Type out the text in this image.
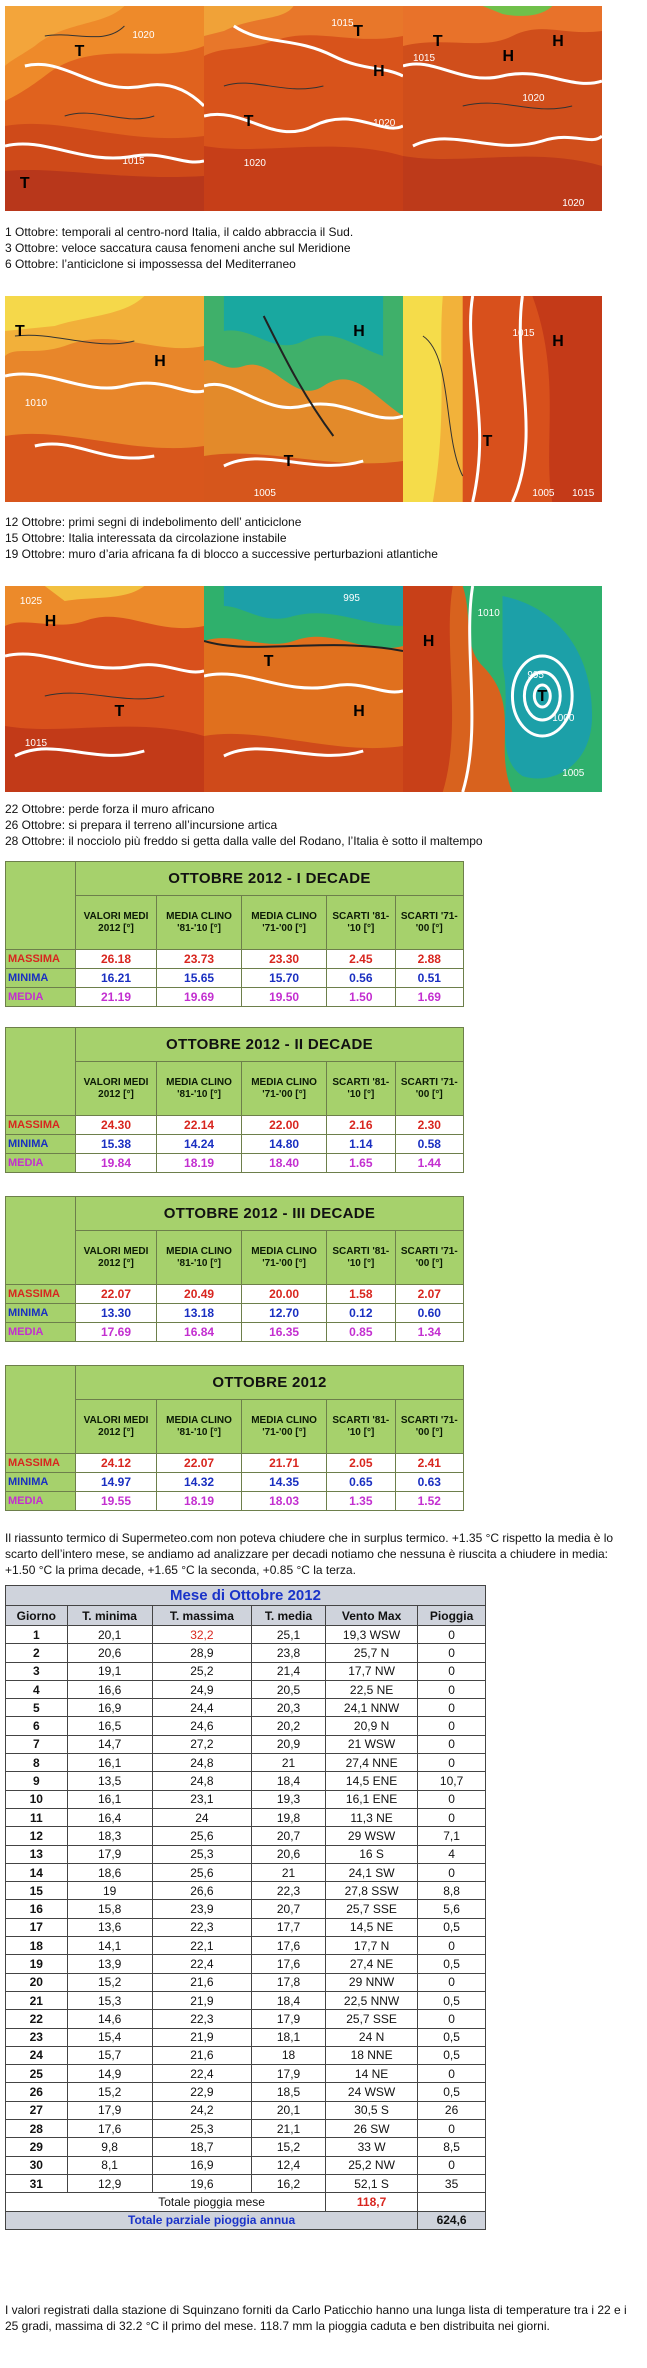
1020
1015
T
T
1015
1020
1020
T
T
H
1015
1020
1020
T
H
H
1 Ottobre: temporali al centro-nord Italia, il caldo abbraccia il Sud.
3 Ottobre: veloce saccatura causa fenomeni anche sul Meridione
6 Ottobre: l’anticiclone si impossessa del Mediterraneo
1010
T
H
1005
H
T
1015
1005 1015
H
T
12 Ottobre: primi segni di indebolimento dell’ anticiclone
15 Ottobre: Italia interessata da circolazione instabile
19 Ottobre: muro d’aria africana fa di blocco a successive perturbazioni atlantiche
1025
1015
H
T
995
T
H
995
1000
1005
1010
T
H
22 Ottobre: perde forza il muro africano
26 Ottobre: si prepara il terreno all’incursione artica
28 Ottobre: il nocciolo più freddo si getta dalla valle del Rodano, l’Italia è sotto il maltempo
	OTTOBRE 2012 - I DECADE				
	VALORI MEDI 2012 [°]	MEDIA CLINO '81-'10 [°]	MEDIA CLINO '71-'00 [°]	SCARTI '81-'10 [°]	SCARTI '71-'00 [°]
MASSIMA	26.18	23.73	23.30	2.45	2.88
MINIMA	16.21	15.65	15.70	0.56	0.51
MEDIA	21.19	19.69	19.50	1.50	1.69
	OTTOBRE 2012 - II DECADE				
	VALORI MEDI 2012 [°]	MEDIA CLINO '81-'10 [°]	MEDIA CLINO '71-'00 [°]	SCARTI '81-'10 [°]	SCARTI '71-'00 [°]
MASSIMA	24.30	22.14	22.00	2.16	2.30
MINIMA	15.38	14.24	14.80	1.14	0.58
MEDIA	19.84	18.19	18.40	1.65	1.44
	OTTOBRE 2012 - III DECADE				
	VALORI MEDI 2012 [°]	MEDIA CLINO '81-'10 [°]	MEDIA CLINO '71-'00 [°]	SCARTI '81-'10 [°]	SCARTI '71-'00 [°]
MASSIMA	22.07	20.49	20.00	1.58	2.07
MINIMA	13.30	13.18	12.70	0.12	0.60
MEDIA	17.69	16.84	16.35	0.85	1.34
	OTTOBRE 2012				
	VALORI MEDI 2012 [°]	MEDIA CLINO '81-'10 [°]	MEDIA CLINO '71-'00 [°]	SCARTI '81-'10 [°]	SCARTI '71-'00 [°]
MASSIMA	24.12	22.07	21.71	2.05	2.41
MINIMA	14.97	14.32	14.35	0.65	0.63
MEDIA	19.55	18.19	18.03	1.35	1.52
Il riassunto termico di Supermeteo.com non poteva chiudere che in surplus termico. +1.35 °C rispetto la media è lo scarto dell’intero mese, se andiamo ad analizzare per decadi notiamo che nessuna è riuscita a chiudere in media: +1.50 °C la prima decade, +1.65 °C la seconda, +0.85 °C la terza.
Mese di Ottobre 2012					
Giorno	T. minima	T. massima	T. media	Vento Max	Pioggia
1	20,1	32,2	25,1	19,3 WSW	0
2	20,6	28,9	23,8	25,7 N	0
3	19,1	25,2	21,4	17,7 NW	0
4	16,6	24,9	20,5	22,5 NE	0
5	16,9	24,4	20,3	24,1 NNW	0
6	16,5	24,6	20,2	20,9 N	0
7	14,7	27,2	20,9	21 WSW	0
8	16,1	24,8	21	27,4 NNE	0
9	13,5	24,8	18,4	14,5 ENE	10,7
10	16,1	23,1	19,3	16,1 ENE	0
11	16,4	24	19,8	11,3 NE	0
12	18,3	25,6	20,7	29 WSW	7,1
13	17,9	25,3	20,6	16 S	4
14	18,6	25,6	21	24,1 SW	0
15	19	26,6	22,3	27,8 SSW	8,8
16	15,8	23,9	20,7	25,7 SSE	5,6
17	13,6	22,3	17,7	14,5 NE	0,5
18	14,1	22,1	17,6	17,7 N	0
19	13,9	22,4	17,6	27,4 NE	0,5
20	15,2	21,6	17,8	29 NNW	0
21	15,3	21,9	18,4	22,5 NNW	0,5
22	14,6	22,3	17,9	25,7 SSE	0
23	15,4	21,9	18,1	24 N	0,5
24	15,7	21,6	18	18 NNE	0,5
25	14,9	22,4	17,9	14 NE	0
26	15,2	22,9	18,5	24 WSW	0,5
27	17,9	24,2	20,1	30,5 S	26
28	17,6	25,3	21,1	26 SW	0
29	9,8	18,7	15,2	33 W	8,5
30	8,1	16,9	12,4	25,2 NW	0
31	12,9	19,6	16,2	52,1 S	35
Totale pioggia mese				118,7	
Totale parziale pioggia annua					624,6
I valori registrati dalla stazione di Squinzano forniti da Carlo Paticchio hanno una lunga lista di temperature tra i 22 e i 25 gradi, massima di 32.2 °C il primo del mese. 118.7 mm la pioggia caduta e ben distribuita nei giorni.
